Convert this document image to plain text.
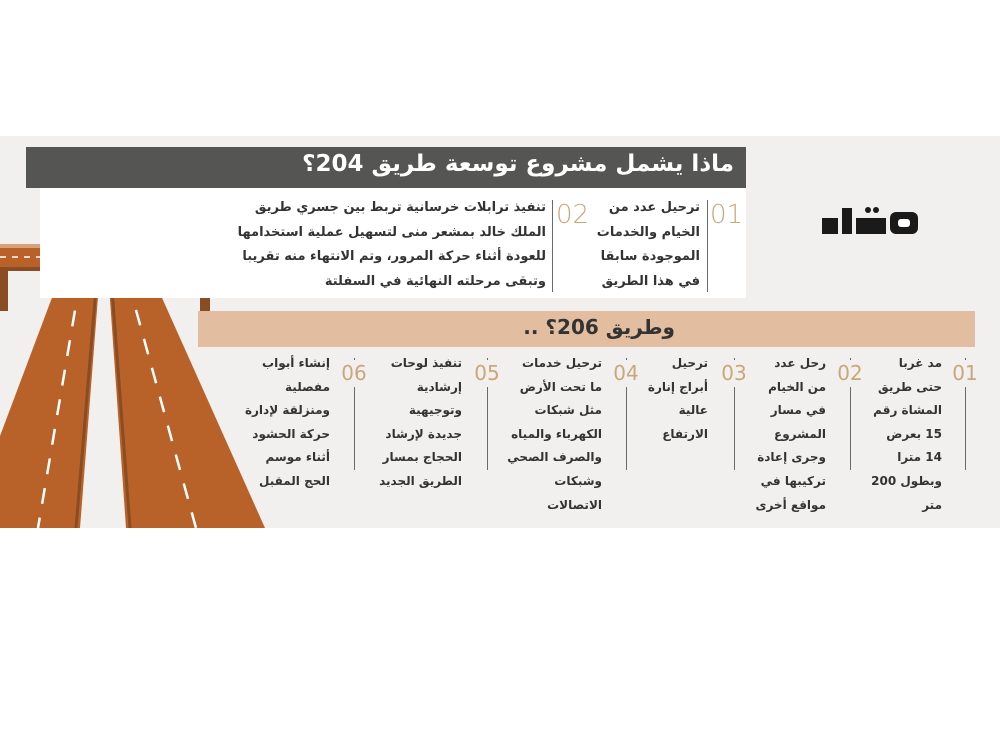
ماذا يشمل مشروع توسعة طريق 204؟
02
تنفيذ ترابلات خرسانية تربط بين جسري طريق
الملك خالد بمشعر منى لتسهيل عملية استخدامها
للعودة أثناء حركة المرور، وتم الانتهاء منه تقريبا
وتبقى مرحلته النهائية في السفلتة
01
ترحيل عدد من
الخيام والخدمات
الموجودة سابقا
في هذا الطريق
وطريق 206؟ ..
01
مد غربا
حتى طريق
المشاة رقم
15 بعرض
14 مترا
وبطول 200
متر
02
رحل عدد
من الخيام
في مسار
المشروع
وجرى إعادة
تركيبها في
مواقع أخرى
03
ترحيل
أبراج إنارة
عالية
الارتفاع
04
ترحيل خدمات
ما تحت الأرض
مثل شبكات
الكهرباء والمياه
والصرف الصحي
وشبكات
الاتصالات
05
تنفيذ لوحات
إرشادية
وتوجيهية
جديدة لإرشاد
الحجاج بمسار
الطريق الجديد
06
إنشاء أبواب
مفصلية
ومنزلقة لإدارة
حركة الحشود
أثناء موسم
الحج المقبل
